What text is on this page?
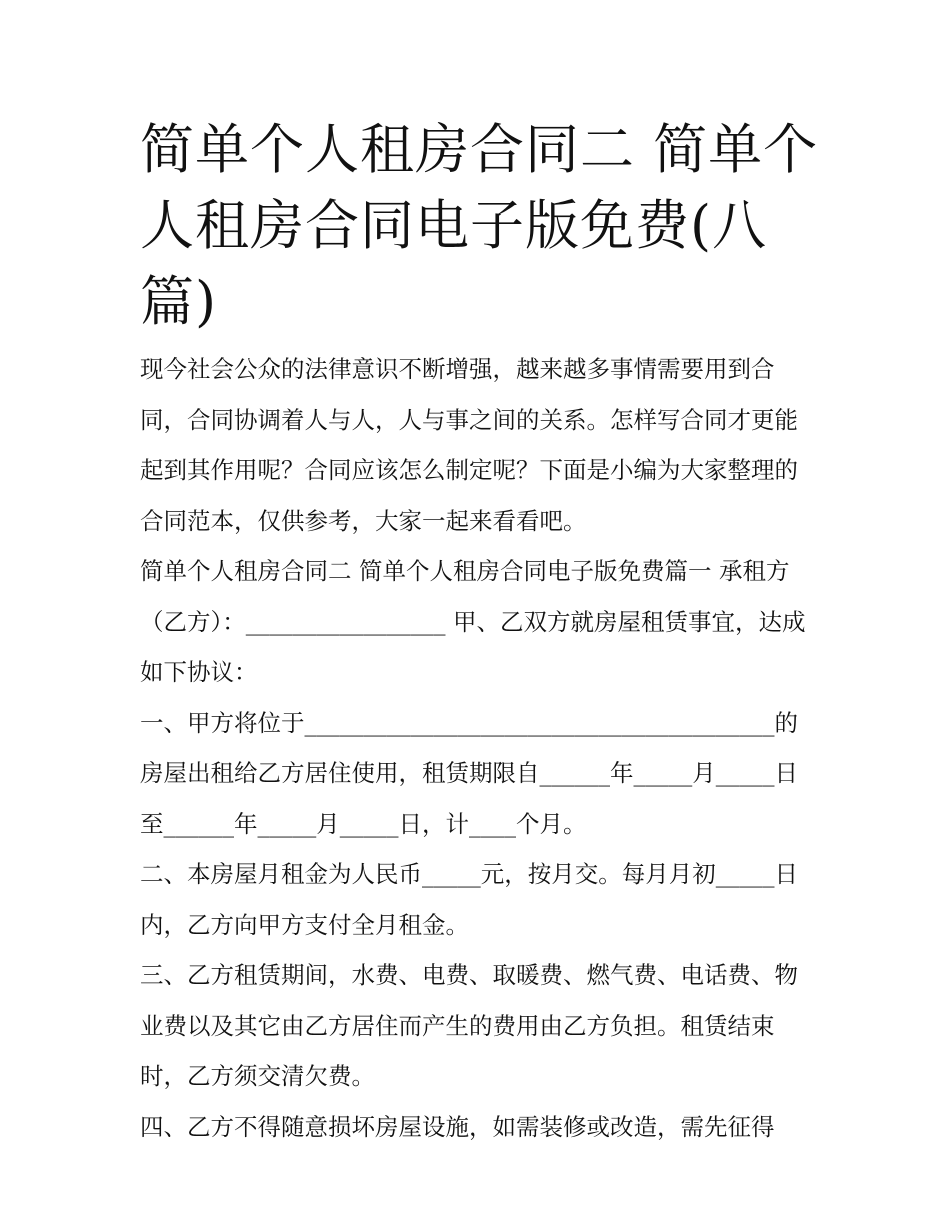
简单个人租房合同二 简单个人租房合同电子版免费(八篇)

现今社会公众的法律意识不断增强，越来越多事情需要用到合同，合同协调着人与人，人与事之间的关系。怎样写合同才更能起到其作用呢？合同应该怎么制定呢？下面是小编为大家整理的合同范本，仅供参考，大家一起来看看吧。

简单个人租房合同二 简单个人租房合同电子版免费篇一 承租方（乙方）：_________________ 甲、乙双方就房屋租赁事宜，达成如下协议：

一、甲方将位于________________________________________的房屋出租给乙方居住使用，租赁期限自______年_____月_____日至______年_____月_____日，计____个月。

二、本房屋月租金为人民币_____元，按月交。每月月初_____日内，乙方向甲方支付全月租金。

三、乙方租赁期间，水费、电费、取暖费、燃气费、电话费、物业费以及其它由乙方居住而产生的费用由乙方负担。租赁结束时，乙方须交清欠费。

四、乙方不得随意损坏房屋设施，如需装修或改造，需先征得
